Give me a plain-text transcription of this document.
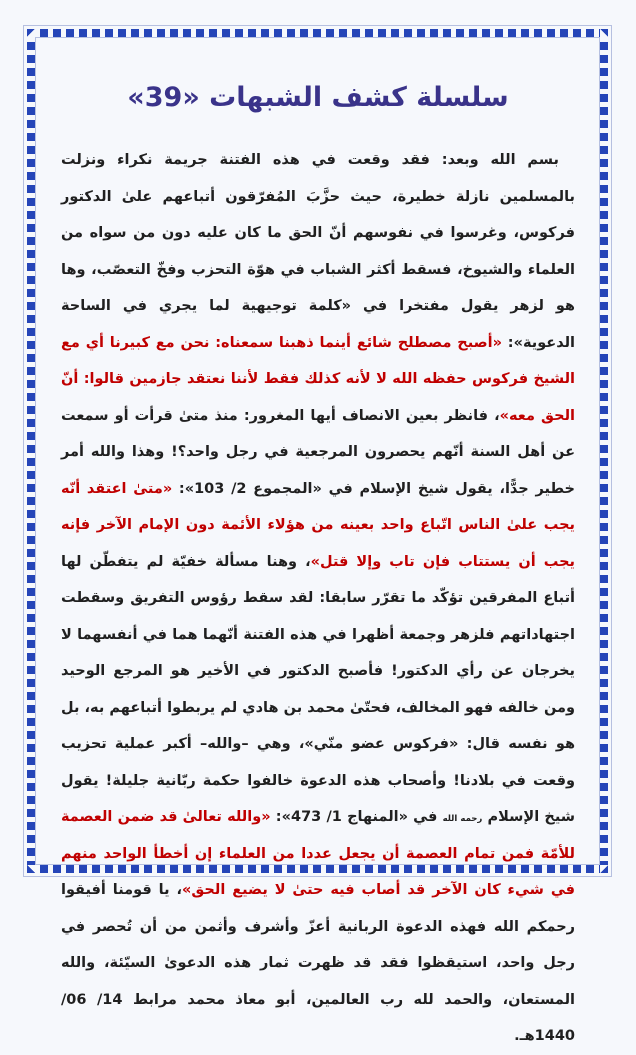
سلسلة كشف الشبهات «39»

بسم الله وبعد: فقد وقعت في هذه الفتنة جريمة نكراء ونزلت بالمسلمين نازلة خطيرة، حيث حزَّبَ المُفرّقون أتباعهم علىٰ الدكتور فركوس، وغرسوا في نفوسهم أنّ الحق ما كان عليه دون من سواه من العلماء والشيوخ، فسقط أكثر الشباب في هوّة التحزب وفخّ التعصّب، وها هو لزهر يقول مفتخرا في «كلمة توجيهية لما يجري في الساحة الدعوية»: «أصبح مصطلح شائع أينما ذهبنا سمعناه: نحن مع كبيرنا أي مع الشيخ فركوس حفظه الله لا لأنه كذلك فقط لأننا نعتقد جازمين قالوا: أنّ الحق معه»، فانظر بعين الانصاف أيها المغرور: منذ متىٰ قرأت أو سمعت عن أهل السنة أنّهم يحصرون المرجعية في رجل واحد؟! وهذا والله أمر خطير جدًّا، يقول شيخ الإسلام في «المجموع 2/ 103»: «متىٰ اعتقد أنّه يجب علىٰ الناس اتّباع واحد بعينه من هؤلاء الأئمة دون الإمام الآخر فإنه يجب أن يستتاب فإن تاب وإلا قتل»، وهنا مسألة خفيّة لم يتفطّن لها أتباع المفرقين تؤكّد ما تقرّر سابقا: لقد سقط رؤوس التفريق وسقطت اجتهاداتهم فلزهر وجمعة أظهرا في هذه الفتنة أنّهما هما في أنفسهما لا يخرجان عن رأي الدكتور! فأصبح الدكتور في الأخير هو المرجع الوحيد ومن خالفه فهو المخالف، فحتّىٰ محمد بن هادي لم يربطوا أتباعهم به، بل هو نفسه قال: «فركوس عضو منّي»، وهي –والله– أكبر عملية تحزيب وقعت في بلادنا! وأصحاب هذه الدعوة خالفوا حكمة ربّانية جليلة! يقول شيخ الإسلام رحمه الله في «المنهاج 1/ 473»: «والله تعالىٰ قد ضمن العصمة للأمّة فمن تمام العصمة أن يجعل عددا من العلماء إن أخطأ الواحد منهم في شيء كان الآخر قد أصاب فيه حتىٰ لا يضيع الحق»، يا قومنا أفيقوا رحمكم الله فهذه الدعوة الربانية أعزّ وأشرف وأثمن من أن تُحصر في رجل واحد، استيقظوا فقد قد ظهرت ثمار هذه الدعوىٰ السيّئة، والله المستعان، والحمد لله رب العالمين، أبو معاذ محمد مرابط 14/ 06/ 1440هـ.
